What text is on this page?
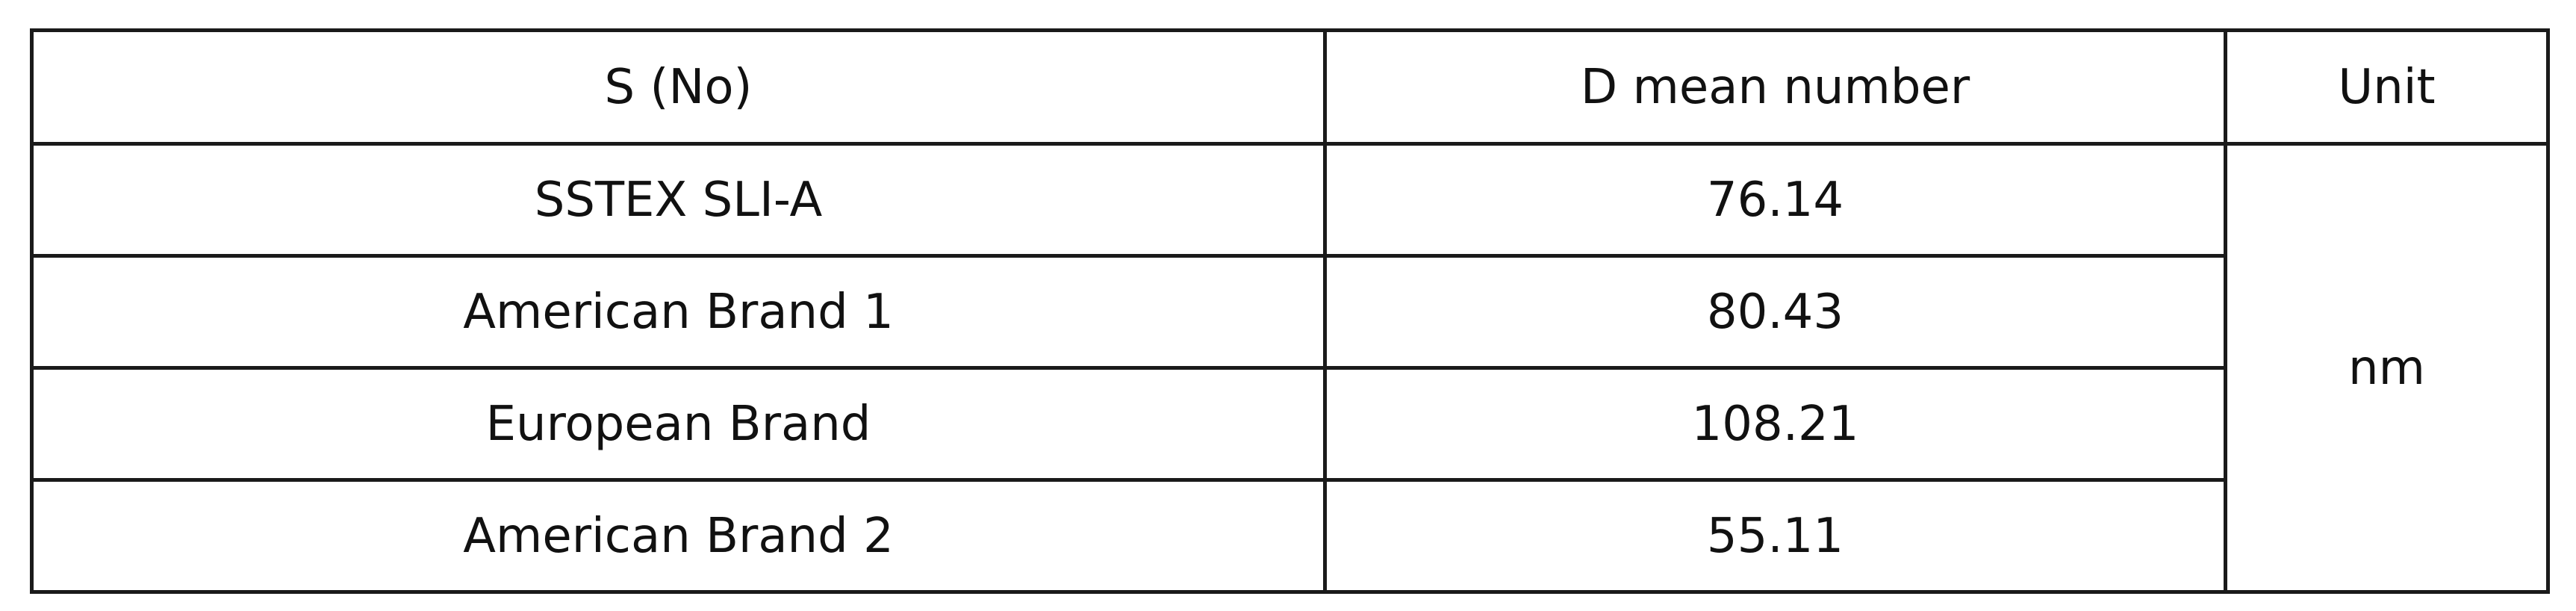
S (No)	D mean number	Unit
SSTEX SLI-A	76.14	nm
American Brand 1	80.43	
European Brand	108.21	
American Brand 2	55.11	
